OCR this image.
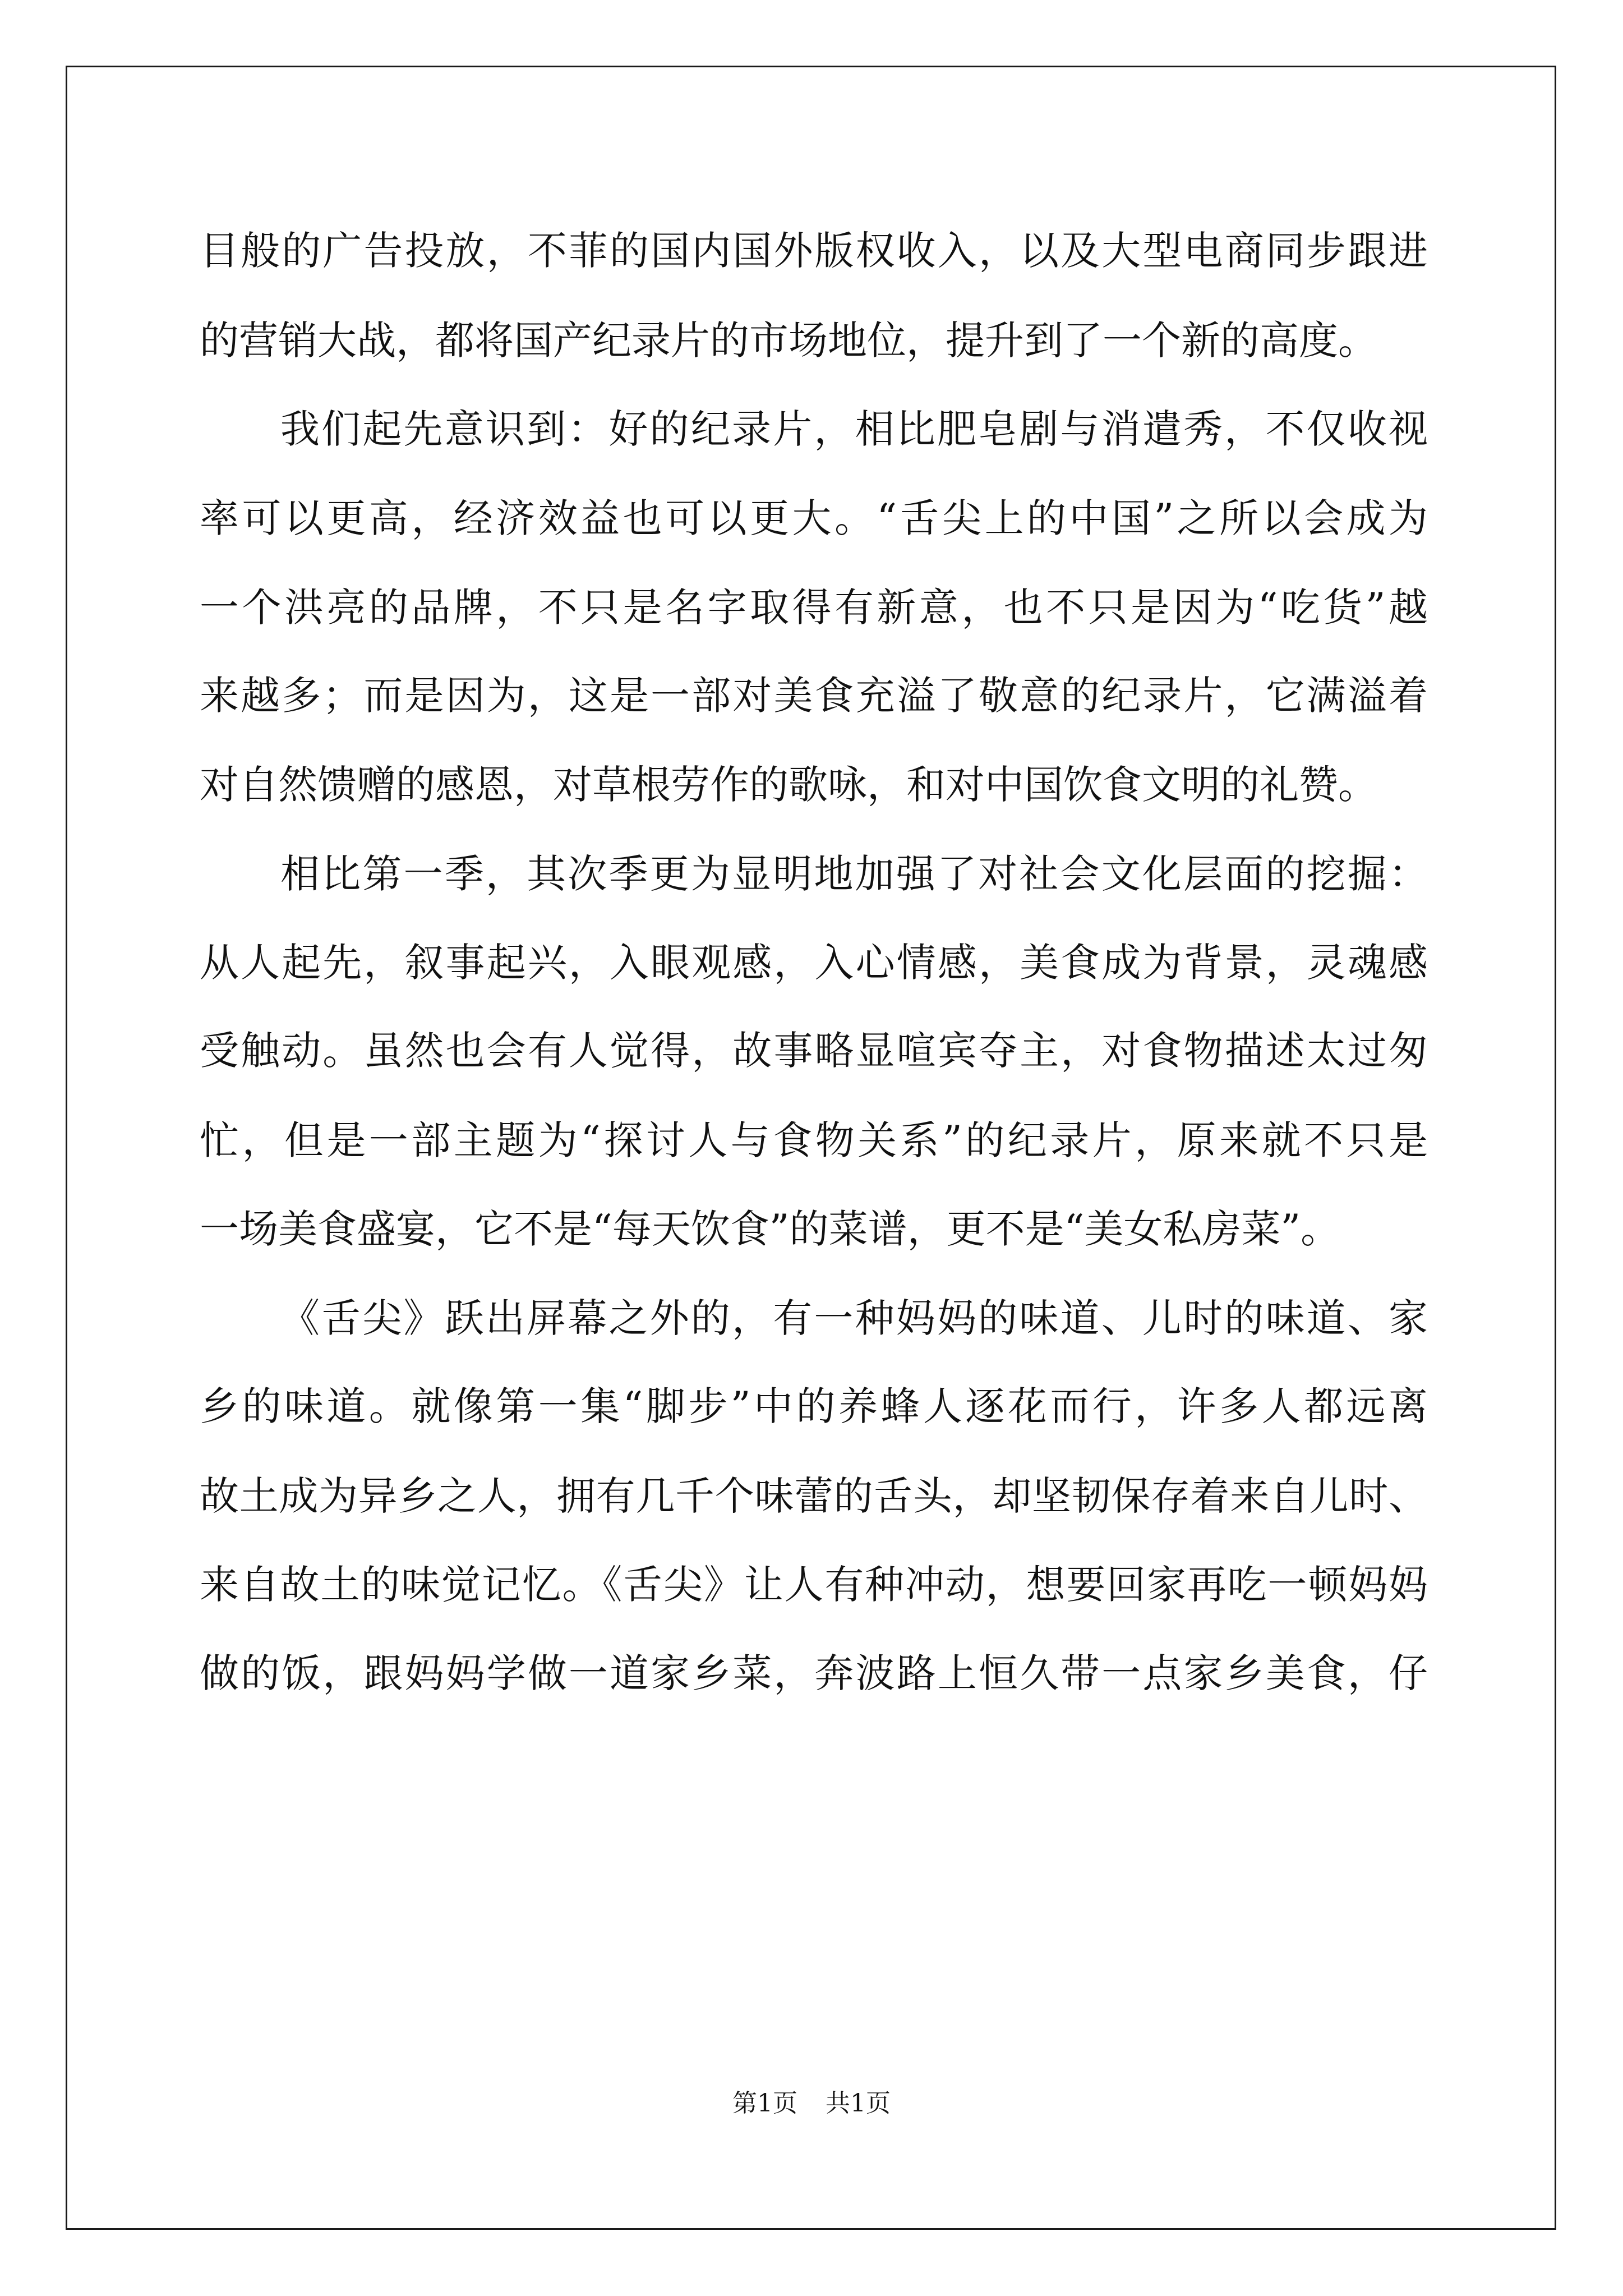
目般的广告投放，不菲的国内国外版权收入，以及大型电商同步跟进
的营销大战，都将国产纪录片的市场地位，提升到了一个新的高度。
我们起先意识到：好的纪录片，相比肥皂剧与消遣秀，不仅收视
率可以更高，经济效益也可以更大。“舌尖上的中国”之所以会成为
一个洪亮的品牌，不只是名字取得有新意，也不只是因为“吃货”越
来越多；而是因为，这是一部对美食充溢了敬意的纪录片，它满溢着
对自然馈赠的感恩，对草根劳作的歌咏，和对中国饮食文明的礼赞。
相比第一季，其次季更为显明地加强了对社会文化层面的挖掘：
从人起先，叙事起兴，入眼观感，入心情感，美食成为背景，灵魂感
受触动。虽然也会有人觉得，故事略显喧宾夺主，对食物描述太过匆
忙，但是一部主题为“探讨人与食物关系”的纪录片，原来就不只是
一场美食盛宴，它不是“每天饮食”的菜谱，更不是“美女私房菜”。
《舌尖》跃出屏幕之外的，有一种妈妈的味道、儿时的味道、家
乡的味道。就像第一集“脚步”中的养蜂人逐花而行，许多人都远离
故土成为异乡之人，拥有几千个味蕾的舌头，却坚韧保存着来自儿时、
来自故土的味觉记忆。《舌尖》让人有种冲动，想要回家再吃一顿妈妈
做的饭，跟妈妈学做一道家乡菜，奔波路上恒久带一点家乡美食，仔
第1页 共1页
